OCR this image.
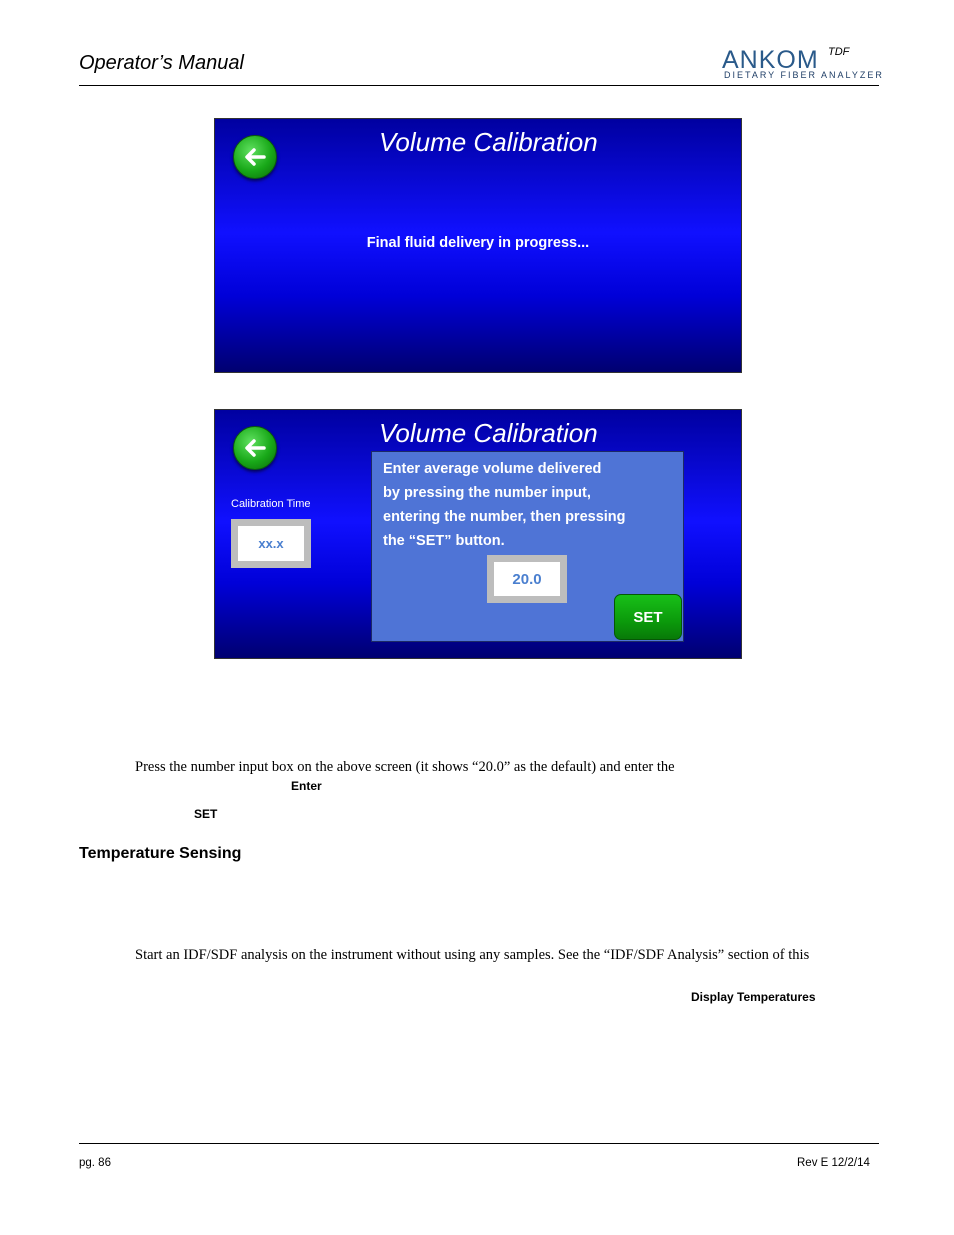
Operator’s Manual	ANKOM TDF
DIETARY FIBER ANALYZER
Volume Calibration
Final fluid delivery in progress...
Volume Calibration
Calibration Time
xx.x
Enter average volume delivered
by pressing the number input,
entering the number, then pressing
the “SET” button.
20.0
SET
Press the number input box on the above screen (it shows “20.0” as the default) and enter the
Enter
SET
Temperature Sensing
Start an IDF/SDF analysis on the instrument without using any samples. See the “IDF/SDF Analysis” section of this
Display Temperatures
pg. 86	Rev E 12/2/14
